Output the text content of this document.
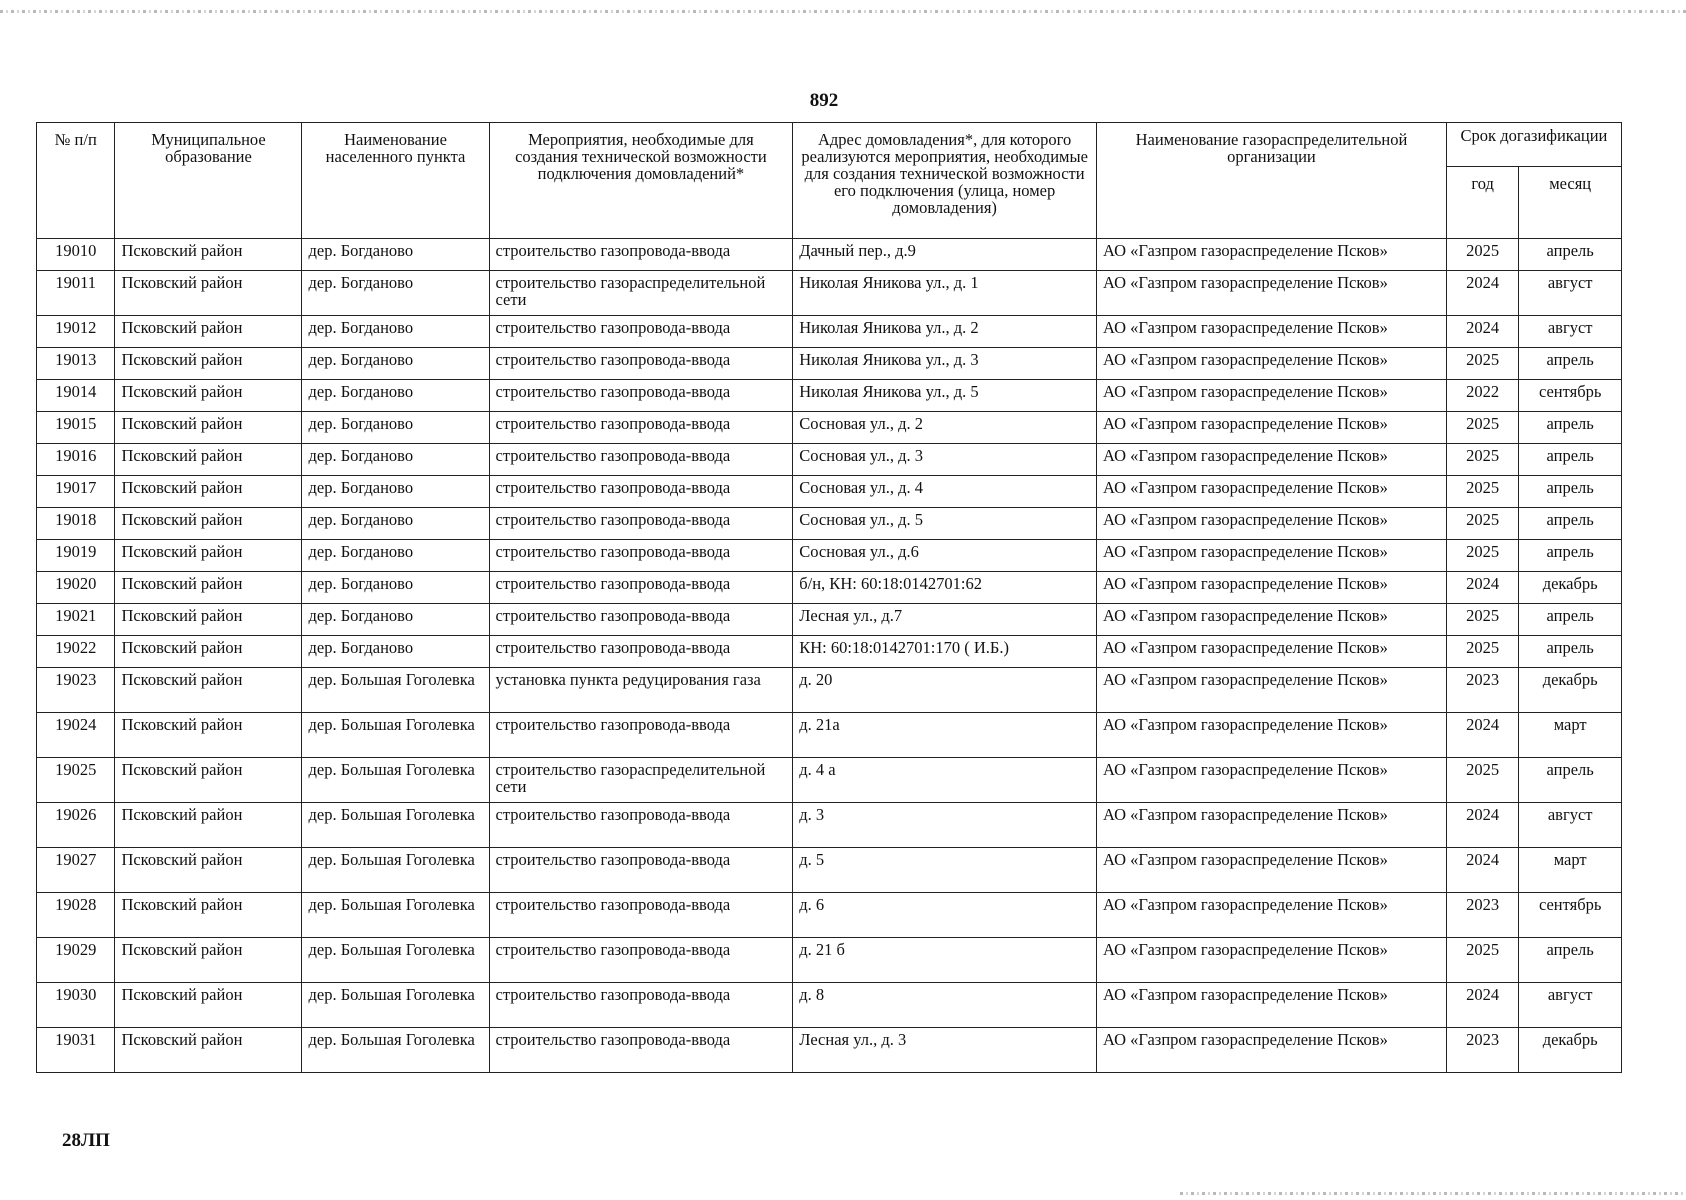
892
№ п/п	Муниципальное образование	Наименование населенного пункта	Мероприятия, необходимые для создания технической возможности подключения домовладений*	Адрес домовладения*, для которого реализуются мероприятия, необходимые для создания технической возможности его подключения (улица, номер домовладения)	Наименование газораспределительной организации	Срок догазификации	
						год	месяц
19010	Псковский район	дер. Богданово	строительство газопровода-ввода	Дачный пер., д.9	АО «Газпром газораспределение Псков»	2025	апрель
19011	Псковский район	дер. Богданово	строительство газораспределительной сети	Николая Яникова ул., д. 1	АО «Газпром газораспределение Псков»	2024	август
19012	Псковский район	дер. Богданово	строительство газопровода-ввода	Николая Яникова ул., д. 2	АО «Газпром газораспределение Псков»	2024	август
19013	Псковский район	дер. Богданово	строительство газопровода-ввода	Николая Яникова ул., д. 3	АО «Газпром газораспределение Псков»	2025	апрель
19014	Псковский район	дер. Богданово	строительство газопровода-ввода	Николая Яникова ул., д. 5	АО «Газпром газораспределение Псков»	2022	сентябрь
19015	Псковский район	дер. Богданово	строительство газопровода-ввода	Сосновая ул., д. 2	АО «Газпром газораспределение Псков»	2025	апрель
19016	Псковский район	дер. Богданово	строительство газопровода-ввода	Сосновая ул., д. 3	АО «Газпром газораспределение Псков»	2025	апрель
19017	Псковский район	дер. Богданово	строительство газопровода-ввода	Сосновая ул., д. 4	АО «Газпром газораспределение Псков»	2025	апрель
19018	Псковский район	дер. Богданово	строительство газопровода-ввода	Сосновая ул., д. 5	АО «Газпром газораспределение Псков»	2025	апрель
19019	Псковский район	дер. Богданово	строительство газопровода-ввода	Сосновая ул., д.6	АО «Газпром газораспределение Псков»	2025	апрель
19020	Псковский район	дер. Богданово	строительство газопровода-ввода	б/н, КН: 60:18:0142701:62	АО «Газпром газораспределение Псков»	2024	декабрь
19021	Псковский район	дер. Богданово	строительство газопровода-ввода	Лесная ул., д.7	АО «Газпром газораспределение Псков»	2025	апрель
19022	Псковский район	дер. Богданово	строительство газопровода-ввода	КН: 60:18:0142701:170 ( И.Б.)	АО «Газпром газораспределение Псков»	2025	апрель
19023	Псковский район	дер. Большая Гоголевка	установка пункта редуцирования газа	д. 20	АО «Газпром газораспределение Псков»	2023	декабрь
19024	Псковский район	дер. Большая Гоголевка	строительство газопровода-ввода	д. 21а	АО «Газпром газораспределение Псков»	2024	март
19025	Псковский район	дер. Большая Гоголевка	строительство газораспределительной сети	д. 4 а	АО «Газпром газораспределение Псков»	2025	апрель
19026	Псковский район	дер. Большая Гоголевка	строительство газопровода-ввода	д. 3	АО «Газпром газораспределение Псков»	2024	август
19027	Псковский район	дер. Большая Гоголевка	строительство газопровода-ввода	д. 5	АО «Газпром газораспределение Псков»	2024	март
19028	Псковский район	дер. Большая Гоголевка	строительство газопровода-ввода	д. 6	АО «Газпром газораспределение Псков»	2023	сентябрь
19029	Псковский район	дер. Большая Гоголевка	строительство газопровода-ввода	д. 21 б	АО «Газпром газораспределение Псков»	2025	апрель
19030	Псковский район	дер. Большая Гоголевка	строительство газопровода-ввода	д. 8	АО «Газпром газораспределение Псков»	2024	август
19031	Псковский район	дер. Большая Гоголевка	строительство газопровода-ввода	Лесная ул., д. 3	АО «Газпром газораспределение Псков»	2023	декабрь
28ЛП
